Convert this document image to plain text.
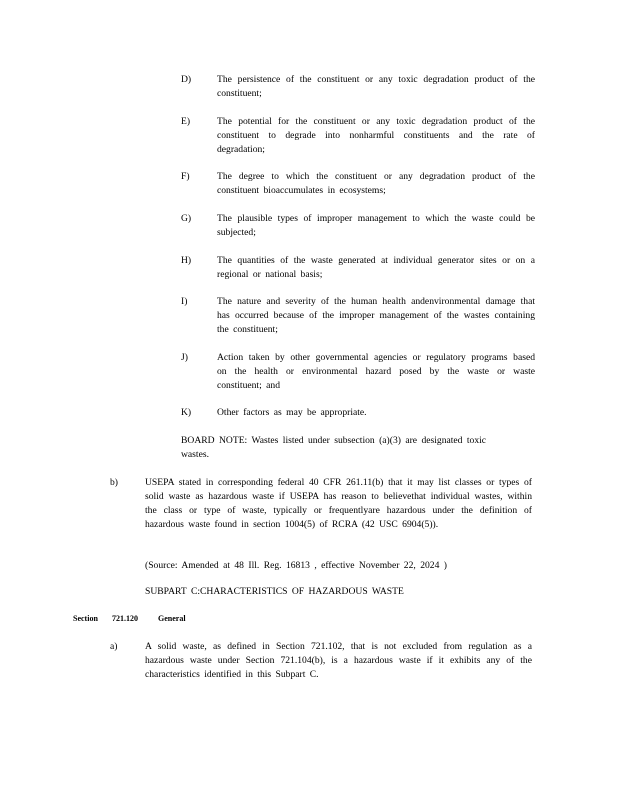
D)	The persistence of the constituent or any toxic degradation product of the constituent;
E)	The potential for the constituent or any toxic degradation product of the constituent to degrade into nonharmful constituents and the rate of degradation;
F)	The degree to which the constituent or any degradation product of the constituent bioaccumulates in ecosystems;
G)	The plausible types of improper management to which the waste could be subjected;
H)	The quantities of the waste generated at individual generator sites or on a regional or national basis;
I)	The nature and severity of the human health andenvironmental damage that has occurred because of the improper management of the wastes containing the constituent;
J)	Action taken by other governmental agencies or regulatory programs based on the health or environmental hazard posed by the waste or waste constituent; and
K)	Other factors as may be appropriate.
BOARD NOTE: Wastes listed under subsection (a)(3) are designated toxic wastes.
b)	USEPA stated in corresponding federal 40 CFR 261.11(b) that it may list classes or types of solid waste as hazardous waste if USEPA has reason to believethat individual wastes, within the class or type of waste, typically or frequentlyare hazardous under the definition of hazardous waste found in section 1004(5) of RCRA (42 USC 6904(5)).
(Source: Amended at 48 Ill. Reg. 16813 , effective November 22, 2024 )
SUBPART C:CHARACTERISTICS OF HAZARDOUS WASTE
Section 721.120	General
a)	A solid waste, as defined in Section 721.102, that is not excluded from regulation as a hazardous waste under Section 721.104(b), is a hazardous waste if it exhibits any of the characteristics identified in this Subpart C.
